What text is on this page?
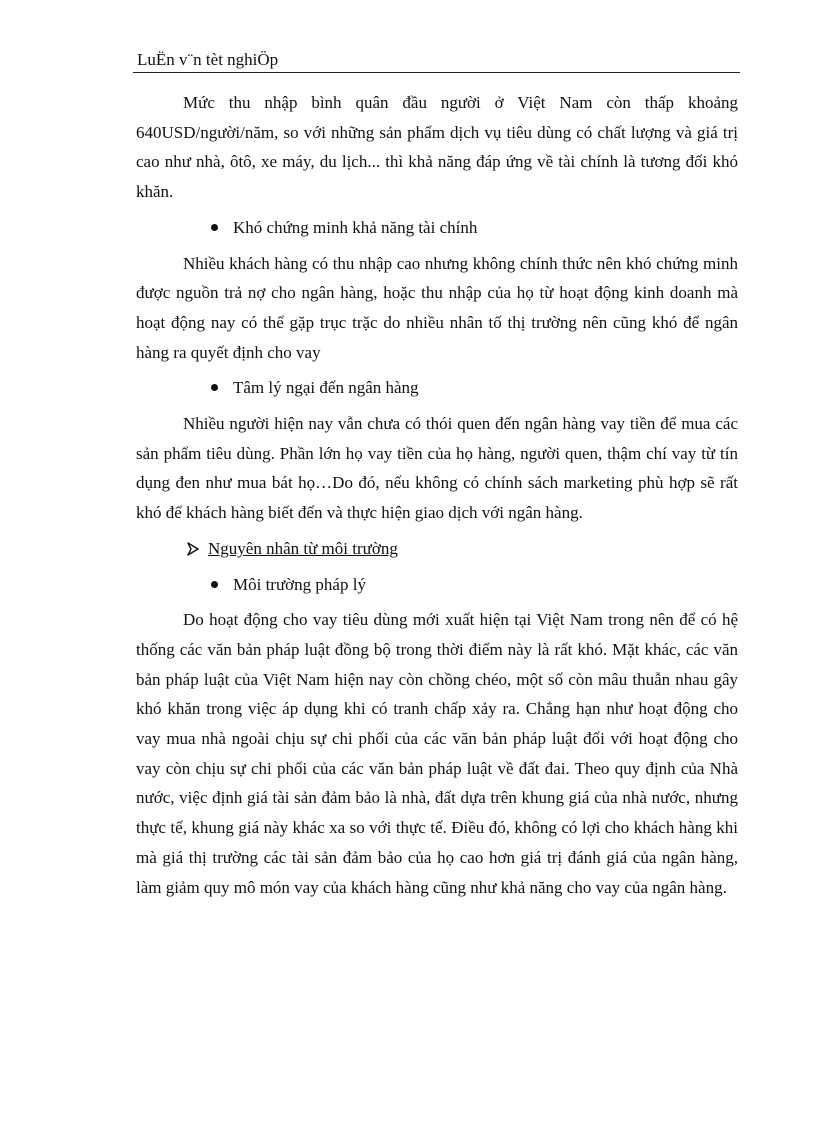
LuËn v¨n tèt nghiÖp

Mức thu nhập bình quân đầu người ở Việt Nam còn thấp khoảng 640USD/người/năm, so với những sản phẩm dịch vụ tiêu dùng có chất lượng và giá trị cao như nhà, ôtô, xe máy, du lịch... thì khả năng đáp ứng về tài chính là tương đối khó khăn.

Khó chứng minh khả năng tài chính

Nhiều khách hàng có thu nhập cao nhưng không chính thức nên khó chứng minh được nguồn trả nợ cho ngân hàng, hoặc thu nhập của họ từ hoạt động kinh doanh mà hoạt động nay có thể gặp trục trặc do nhiều nhân tố thị trường nên cũng khó để ngân hàng ra quyết định cho vay

Tâm lý ngại đến ngân hàng

Nhiều người hiện nay vẫn chưa có thói quen đến ngân hàng vay tiền để mua các sản phẩm tiêu dùng. Phần lớn họ vay tiền của họ hàng, người quen, thậm chí vay từ tín dụng đen như mua bát họ…Do đó, nếu không có chính sách marketing phù hợp sẽ rất khó để khách hàng biết đến và thực hiện giao dịch với ngân hàng.

Nguyên nhân từ môi trường
Môi trường pháp lý

Do hoạt động cho vay tiêu dùng mới xuất hiện tại Việt Nam trong nên để có hệ thống các văn bản pháp luật đồng bộ trong thời điểm này là rất khó. Mặt khác, các văn bản pháp luật của Việt Nam hiện nay còn chồng chéo, một số còn mâu thuẫn nhau gây khó khăn trong việc áp dụng khi có tranh chấp xảy ra. Chẳng hạn như hoạt động cho vay mua nhà ngoài chịu sự chi phối của các văn bản pháp luật đối với hoạt động cho vay còn chịu sự chi phối của các văn bản pháp luật về đất đai. Theo quy định của Nhà nước, việc định giá tài sản đảm bảo là nhà, đất dựa trên khung giá của nhà nước, nhưng thực tế, khung giá này khác xa so với thực tế. Điều đó, không có lợi cho khách hàng khi mà giá thị trường các tài sản đảm bảo của họ cao hơn giá trị đánh giá của ngân hàng, làm giảm quy mô món vay của khách hàng cũng như khả năng cho vay của ngân hàng.
